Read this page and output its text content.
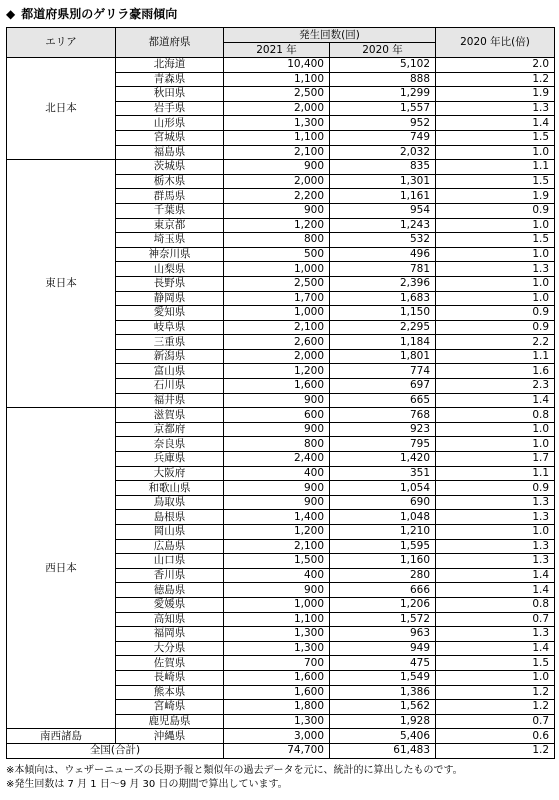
◆ 都道府県別のゲリラ豪雨傾向
エリア	都道府県	発生回数(回)		2020 年比(倍)
		2021 年	2020 年	
北日本	北海道	10,400	5,102	2.0
	青森県	1,100	888	1.2
	秋田県	2,500	1,299	1.9
	岩手県	2,000	1,557	1.3
	山形県	1,300	952	1.4
	宮城県	1,100	749	1.5
	福島県	2,100	2,032	1.0
東日本	茨城県	900	835	1.1
	栃木県	2,000	1,301	1.5
	群馬県	2,200	1,161	1.9
	千葉県	900	954	0.9
	東京都	1,200	1,243	1.0
	埼玉県	800	532	1.5
	神奈川県	500	496	1.0
	山梨県	1,000	781	1.3
	長野県	2,500	2,396	1.0
	静岡県	1,700	1,683	1.0
	愛知県	1,000	1,150	0.9
	岐阜県	2,100	2,295	0.9
	三重県	2,600	1,184	2.2
	新潟県	2,000	1,801	1.1
	富山県	1,200	774	1.6
	石川県	1,600	697	2.3
	福井県	900	665	1.4
西日本	滋賀県	600	768	0.8
	京都府	900	923	1.0
	奈良県	800	795	1.0
	兵庫県	2,400	1,420	1.7
	大阪府	400	351	1.1
	和歌山県	900	1,054	0.9
	鳥取県	900	690	1.3
	島根県	1,400	1,048	1.3
	岡山県	1,200	1,210	1.0
	広島県	2,100	1,595	1.3
	山口県	1,500	1,160	1.3
	香川県	400	280	1.4
	徳島県	900	666	1.4
	愛媛県	1,000	1,206	0.8
	高知県	1,100	1,572	0.7
	福岡県	1,300	963	1.3
	大分県	1,300	949	1.4
	佐賀県	700	475	1.5
	長崎県	1,600	1,549	1.0
	熊本県	1,600	1,386	1.2
	宮崎県	1,800	1,562	1.2
	鹿児島県	1,300	1,928	0.7
南西諸島	沖縄県	3,000	5,406	0.6
全国(合計)		74,700	61,483	1.2
※本傾向は、ウェザーニューズの長期予報と類似年の過去データを元に、統計的に算出したものです。
※発生回数は 7 月 1 日～9 月 30 日の期間で算出しています。
